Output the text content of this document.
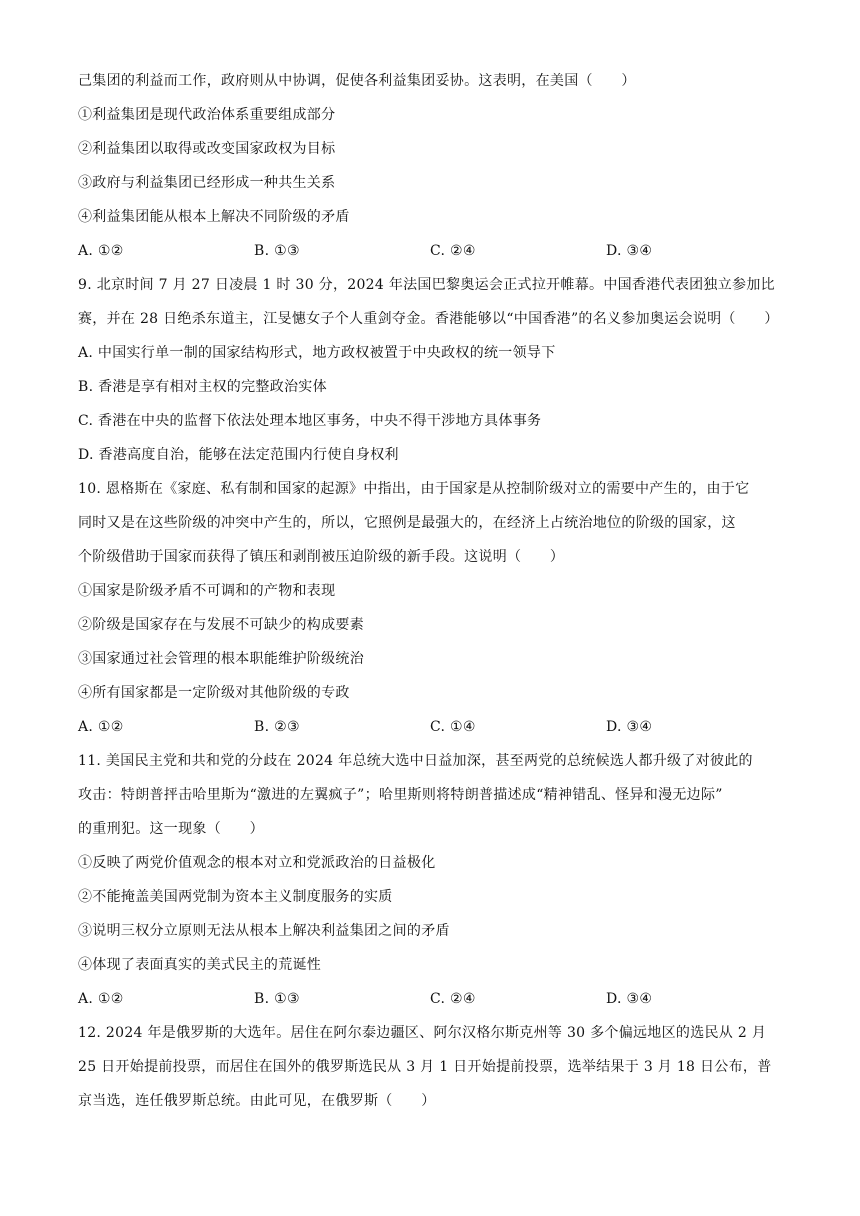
己集团的利益而工作，政府则从中协调，促使各利益集团妥协。这表明，在美国（　　）
①利益集团是现代政治体系重要组成部分
②利益集团以取得或改变国家政权为目标
③政府与利益集团已经形成一种共生关系
④利益集团能从根本上解决不同阶级的矛盾
A. ①②	B. ①③	C. ②④	D. ③④
9. 北京时间 7 月 27 日凌晨 1 时 30 分，2024 年法国巴黎奥运会正式拉开帷幕。中国香港代表团独立参加比
赛，并在 28 日绝杀东道主，江旻憓女子个人重剑夺金。香港能够以“中国香港”的名义参加奥运会说明（　　）
A. 中国实行单一制的国家结构形式，地方政权被置于中央政权的统一领导下
B. 香港是享有相对主权的完整政治实体
C. 香港在中央的监督下依法处理本地区事务，中央不得干涉地方具体事务
D. 香港高度自治，能够在法定范围内行使自身权利
10. 恩格斯在《家庭、私有制和国家的起源》中指出，由于国家是从控制阶级对立的需要中产生的，由于它
同时又是在这些阶级的冲突中产生的，所以，它照例是最强大的，在经济上占统治地位的阶级的国家，这
个阶级借助于国家而获得了镇压和剥削被压迫阶级的新手段。这说明（　　）
①国家是阶级矛盾不可调和的产物和表现
②阶级是国家存在与发展不可缺少的构成要素
③国家通过社会管理的根本职能维护阶级统治
④所有国家都是一定阶级对其他阶级的专政
A. ①②	B. ②③	C. ①④	D. ③④
11. 美国民主党和共和党的分歧在 2024 年总统大选中日益加深，甚至两党的总统候选人都升级了对彼此的
攻击：特朗普抨击哈里斯为“激进的左翼疯子”；哈里斯则将特朗普描述成“精神错乱、怪异和漫无边际”
的重刑犯。这一现象（　　）
①反映了两党价值观念的根本对立和党派政治的日益极化
②不能掩盖美国两党制为资本主义制度服务的实质
③说明三权分立原则无法从根本上解决利益集团之间的矛盾
④体现了表面真实的美式民主的荒诞性
A. ①②	B. ①③	C. ②④	D. ③④
12. 2024 年是俄罗斯的大选年。居住在阿尔泰边疆区、阿尔汉格尔斯克州等 30 多个偏远地区的选民从 2 月
25 日开始提前投票，而居住在国外的俄罗斯选民从 3 月 1 日开始提前投票，选举结果于 3 月 18 日公布，普
京当选，连任俄罗斯总统。由此可见，在俄罗斯（　　）
